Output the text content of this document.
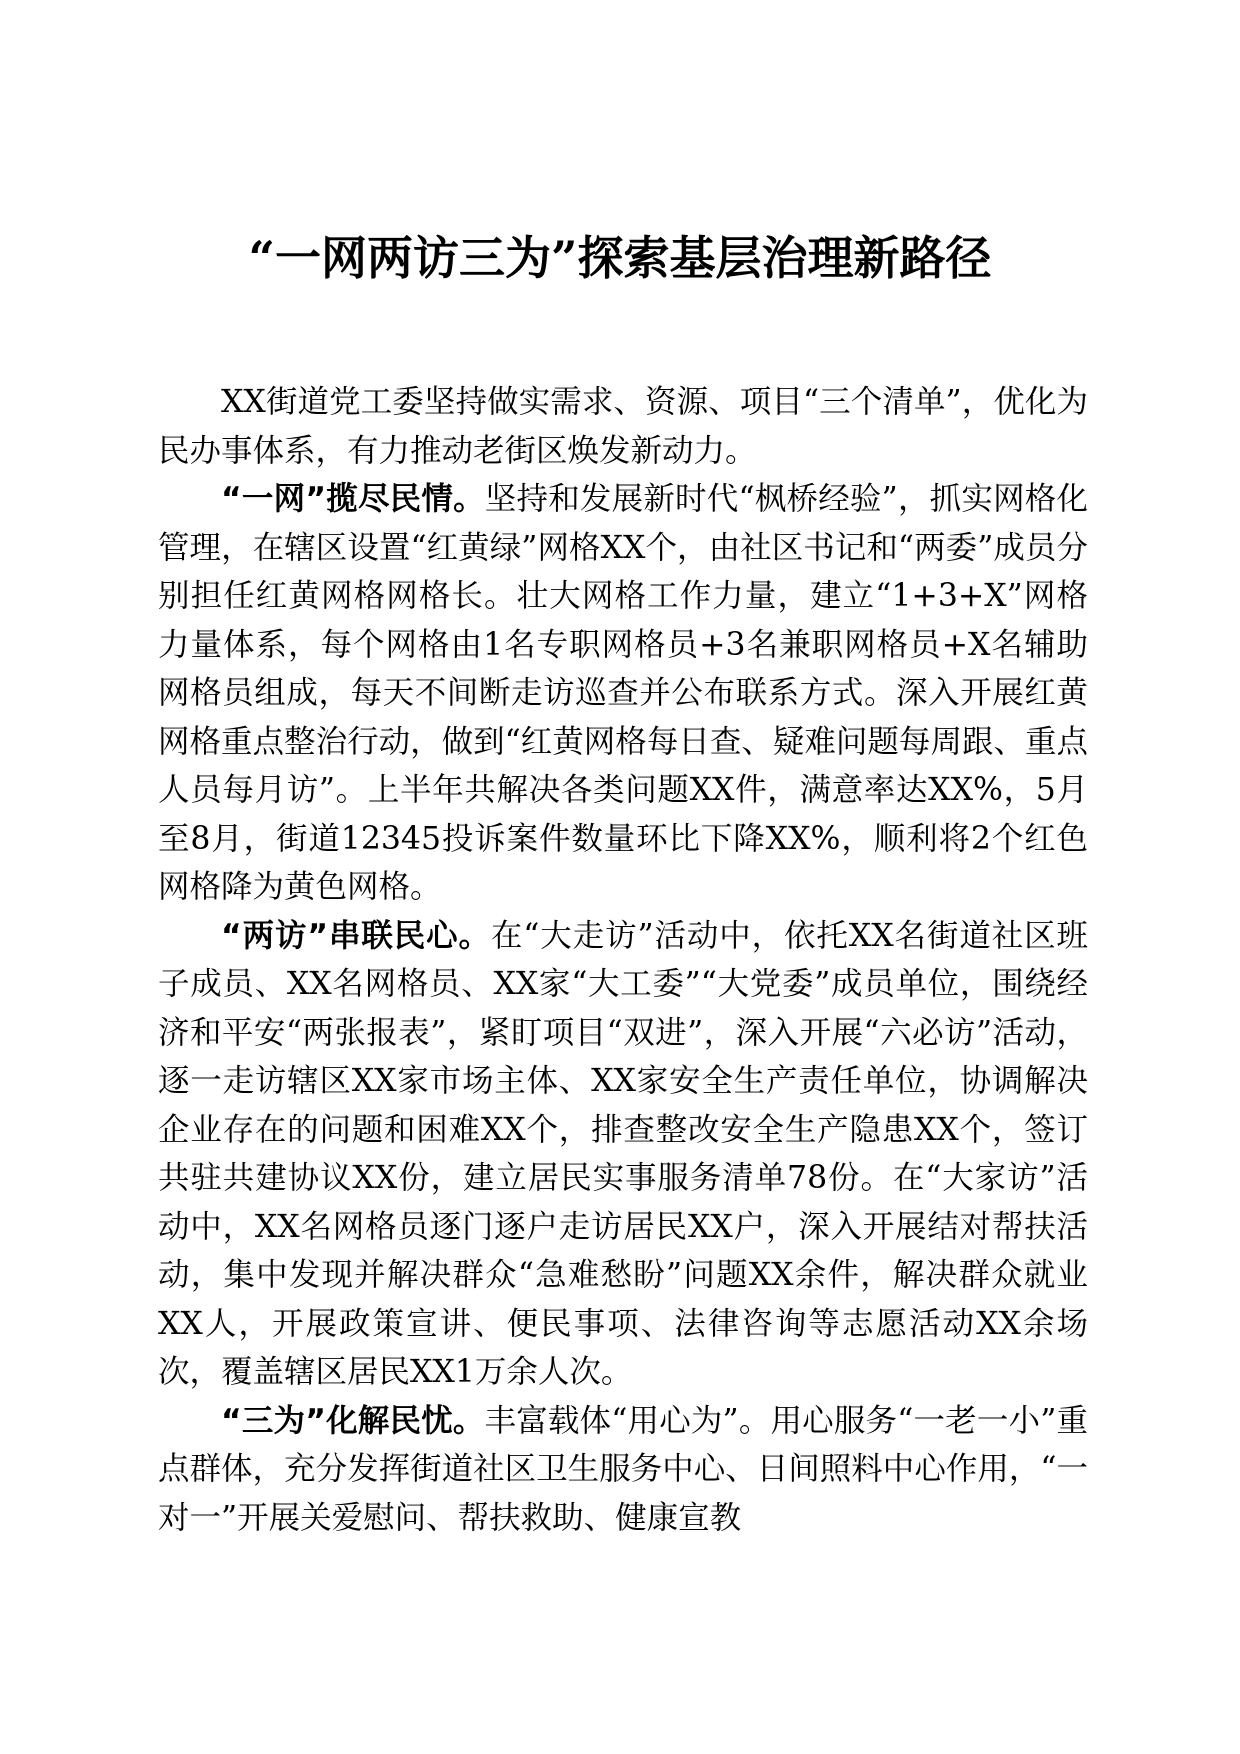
“一网两访三为”探索基层治理新路径

XX街道党工委坚持做实需求、资源、项目“三个清单”，优化为民办事体系，有力推动老街区焕发新动力。

“一网”揽尽民情。坚持和发展新时代“枫桥经验”，抓实网格化管理，在辖区设置“红黄绿”网格XX个，由社区书记和“两委”成员分别担任红黄网格网格长。壮大网格工作力量，建立“1+3+X”网格力量体系，每个网格由1名专职网格员+3名兼职网格员+X名辅助网格员组成，每天不间断走访巡查并公布联系方式。深入开展红黄网格重点整治行动，做到“红黄网格每日查、疑难问题每周跟、重点人员每月访”。上半年共解决各类问题XX件，满意率达XX%，5月至8月，街道12345投诉案件数量环比下降XX%，顺利将2个红色网格降为黄色网格。

“两访”串联民心。在“大走访”活动中，依托XX名街道社区班子成员、XX名网格员、XX家“大工委”“大党委”成员单位，围绕经济和平安“两张报表”，紧盯项目“双进”，深入开展“六必访”活动，逐一走访辖区XX家市场主体、XX家安全生产责任单位，协调解决企业存在的问题和困难XX个，排查整改安全生产隐患XX个，签订共驻共建协议XX份，建立居民实事服务清单78份。在“大家访”活动中，XX名网格员逐门逐户走访居民XX户，深入开展结对帮扶活动，集中发现并解决群众“急难愁盼”问题XX余件，解决群众就业XX人，开展政策宣讲、便民事项、法律咨询等志愿活动XX余场次，覆盖辖区居民XX1万余人次。

“三为”化解民忧。丰富载体“用心为”。用心服务“一老一小”重点群体，充分发挥街道社区卫生服务中心、日间照料中心作用，“一对一”开展关爱慰问、帮扶救助、健康宣教
